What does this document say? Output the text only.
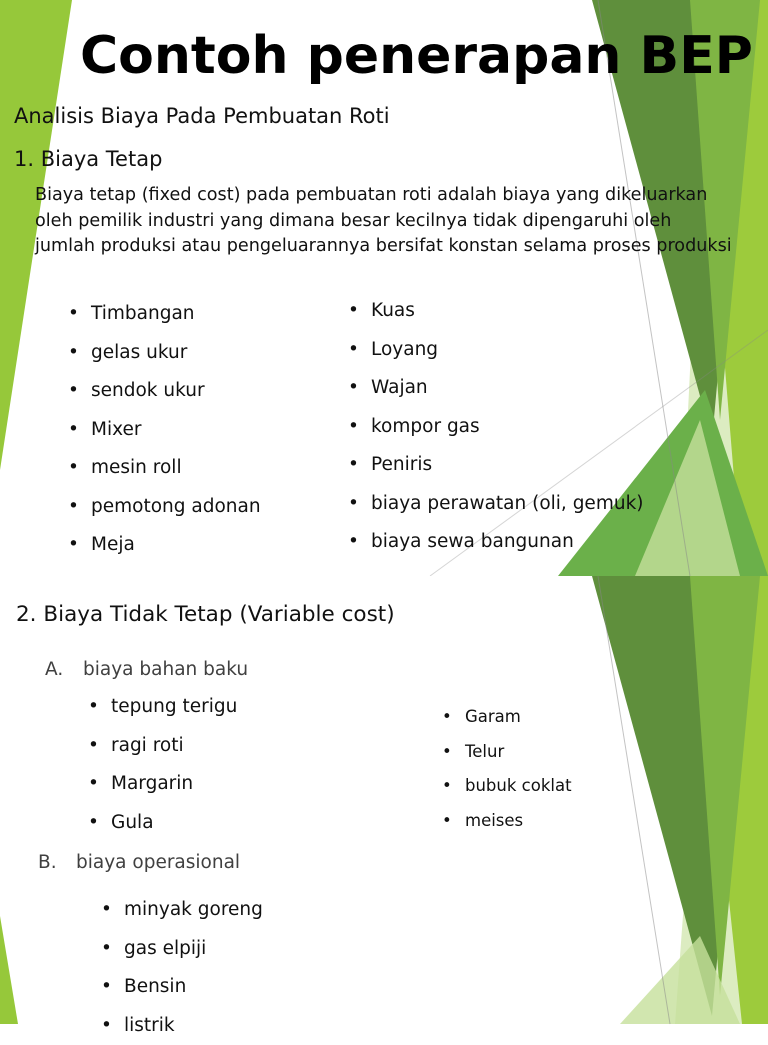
Contoh penerapan BEP

Analisis Biaya Pada Pembuatan Roti

1. Biaya Tetap

Biaya tetap (fixed cost) pada pembuatan roti adalah biaya yang dikeluarkan oleh pemilik industri yang dimana besar kecilnya tidak dipengaruhi oleh jumlah produksi atau pengeluarannya bersifat konstan selama proses produksi

• Timbangan
• gelas ukur
• sendok ukur
• Mixer
• mesin roll
• pemotong adonan
• Meja
• Kuas
• Loyang
• Wajan
• kompor gas
• Peniris
• biaya perawatan (oli, gemuk)
• biaya sewa bangunan

2. Biaya Tidak Tetap (Variable cost)

A. biaya bahan baku

• tepung terigu
• ragi roti
• Margarin
• Gula
• Garam
• Telur
• bubuk coklat
• meises

B. biaya operasional

• minyak goreng
• gas elpiji
• Bensin
• listrik
